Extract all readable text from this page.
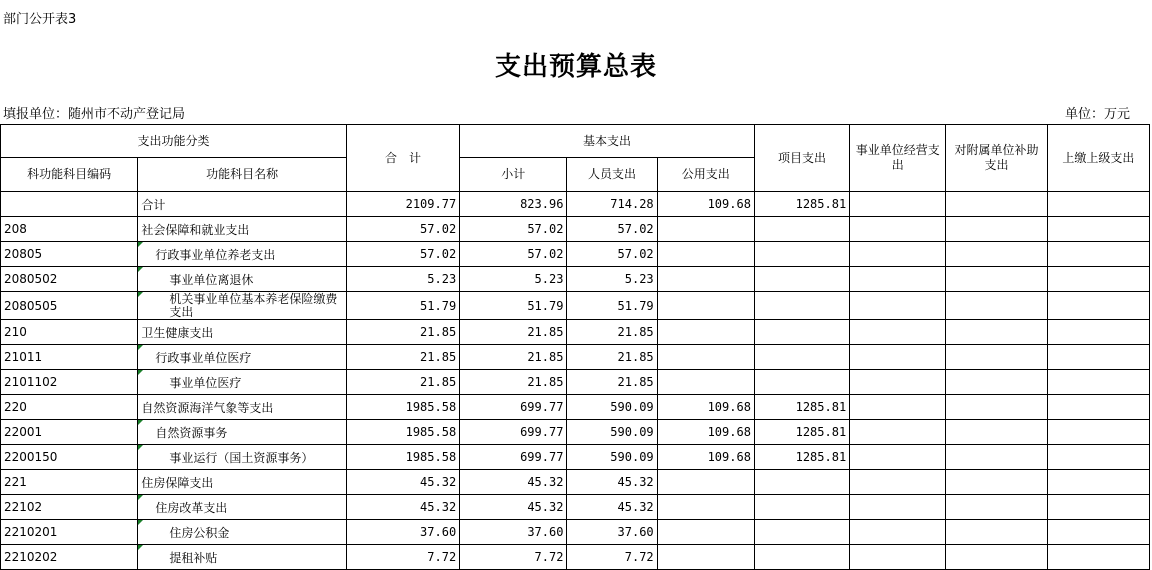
部门公开表3
支出预算总表
填报单位：随州市不动产登记局	单位：万元
支出功能分类		合　计	基本支出			项目支出	事业单位经营支出	对附属单位补助支出	上缴上级支出
科功能科目编码	功能科目名称		小计	人员支出	公用支出				
	合计	2109.77	823.96	714.28	109.68	1285.81			
208	社会保障和就业支出	57.02	57.02	57.02					
20805	行政事业单位养老支出	57.02	57.02	57.02					
2080502	事业单位离退休	5.23	5.23	5.23					
2080505	机关事业单位基本养老保险缴费支出	51.79	51.79	51.79					
210	卫生健康支出	21.85	21.85	21.85					
21011	行政事业单位医疗	21.85	21.85	21.85					
2101102	事业单位医疗	21.85	21.85	21.85					
220	自然资源海洋气象等支出	1985.58	699.77	590.09	109.68	1285.81			
22001	自然资源事务	1985.58	699.77	590.09	109.68	1285.81			
2200150	事业运行（国土资源事务）	1985.58	699.77	590.09	109.68	1285.81			
221	住房保障支出	45.32	45.32	45.32					
22102	住房改革支出	45.32	45.32	45.32					
2210201	住房公积金	37.60	37.60	37.60					
2210202	提租补贴	7.72	7.72	7.72					
